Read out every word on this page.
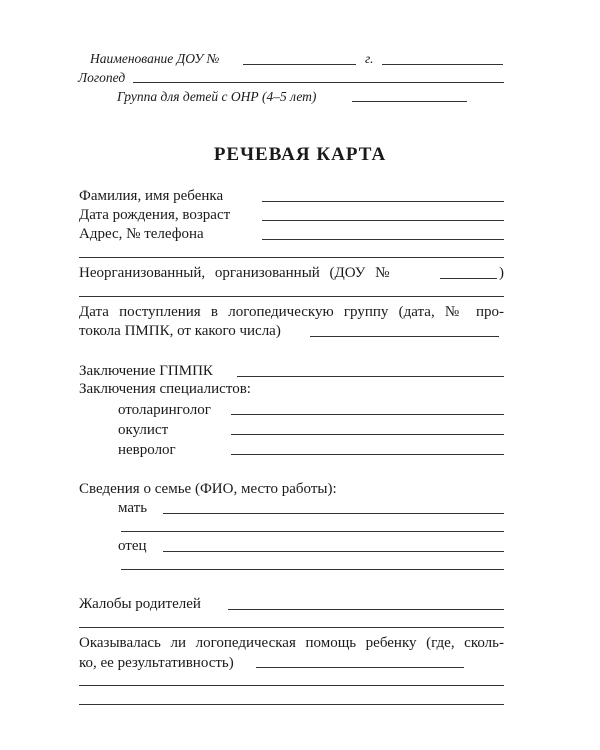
Наименование ДОУ №	г.
Логопед
Группа для детей с ОНР (4–5 лет)
РЕЧЕВАЯ КАРТА
Фамилия, имя ребенка
Дата рождения, возраст
Адрес, № телефона
Неорганизованный, организованный (ДОУ №	)
Дата поступления в логопедическую группу (дата, № про-
токола ПМПК, от какого числа)
Заключение ГПМПК
Заключения специалистов:
отоларинголог
окулист
невролог
Сведения о семье (ФИО, место работы):
мать
отец
Жалобы родителей
Оказывалась ли логопедическая помощь ребенку (где, сколь-
ко, ее результативность)
